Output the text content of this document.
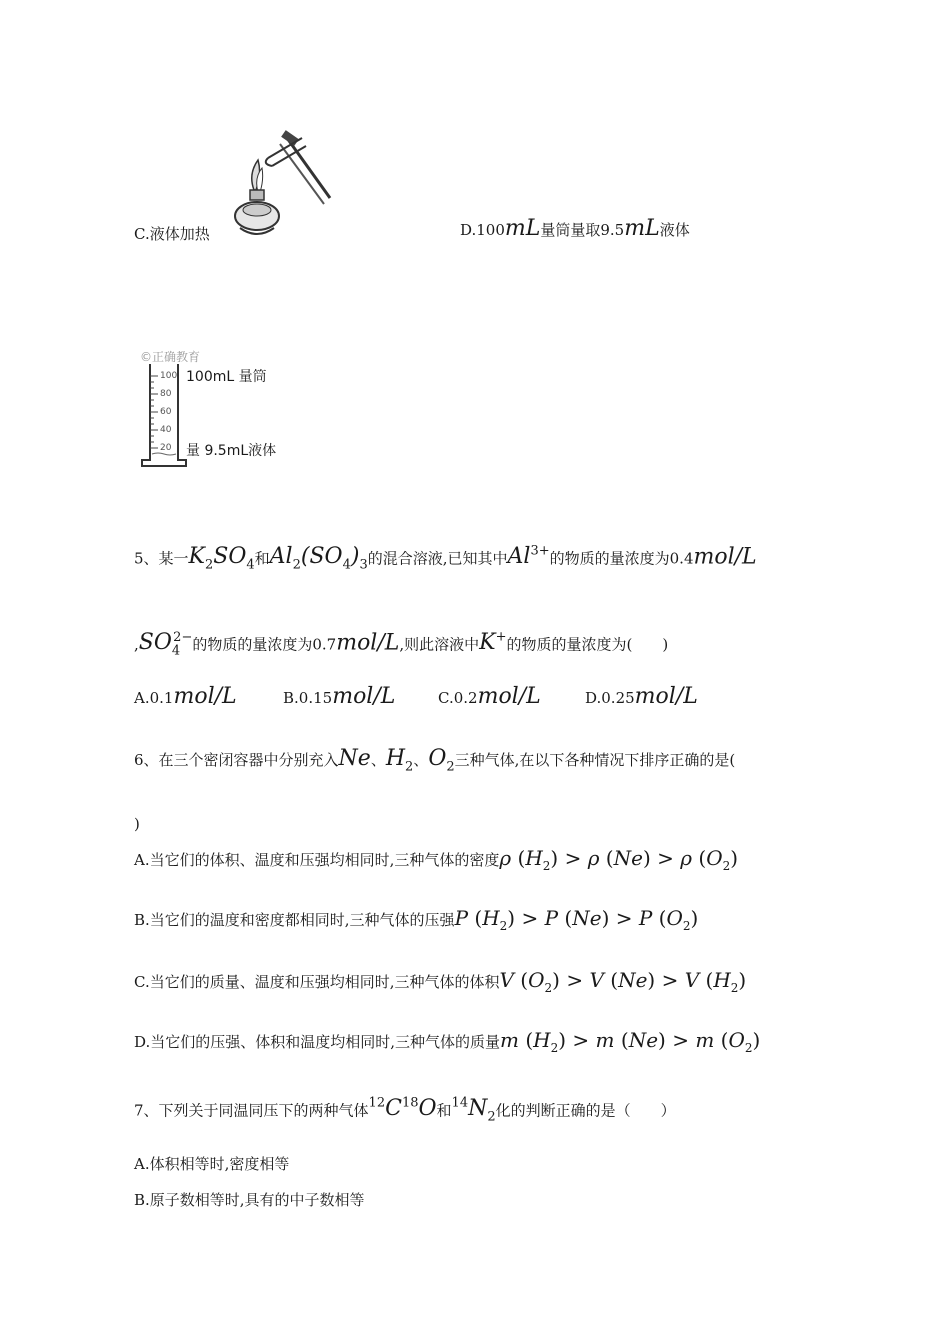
C.液体加热	D.100mL量筒量取9.5mL液体
©正确教育
100
80
60
40
20
100mL 量筒
量 9.5mL液体
5、某一$K_2SO_4$和$Al_2(SO_4)_3$的混合溶液,已知其中$Al^{3+}$的物质的量浓度为0.4mol/L
$,SO_4^{2-}$的物质的量浓度为0.7mol/L,则此溶液中K+的物质的量浓度为(　　)
A.0.1mol/L	B.0.15mol/L	C.0.2mol/L	D.0.25mol/L
6、在三个密闭容器中分别充入Ne、$H_2$、$O_2$三种气体,在以下各种情况下排序正确的是(
)
A.当它们的体积、温度和压强均相同时,三种气体的密度ρ $(H_2) > \rho$ (Ne) > ρ $(O_2)$
B.当它们的温度和密度都相同时,三种气体的压强P $(H_2) > P$ (Ne) > P $(O_2)$
C.当它们的质量、温度和压强均相同时,三种气体的体积V $(O_2) > V$ (Ne) > V $(H_2)$
D.当它们的压强、体积和温度均相同时,三种气体的质量m $(H_2) > m$ (Ne) > m $(O_2)$
7、下列关于同温同压下的两种气体$^{12}C^{18}O$和$^{14}N_2$化的判断正确的是（　　）
A.体积相等时,密度相等
B.原子数相等时,具有的中子数相等
